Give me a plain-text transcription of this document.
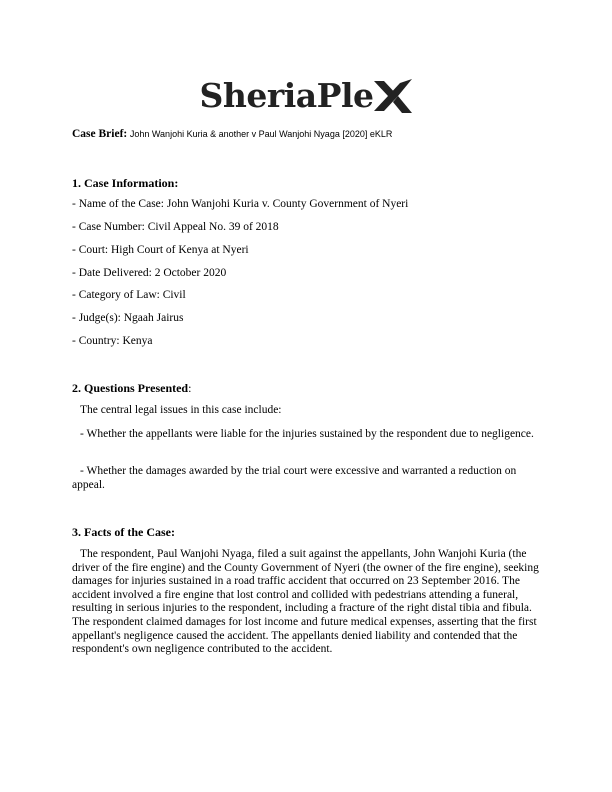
SheriaPle
Case Brief: John Wanjohi Kuria & another v Paul Wanjohi Nyaga [2020] eKLR
1. Case Information:
- Name of the Case: John Wanjohi Kuria v. County Government of Nyeri
- Case Number: Civil Appeal No. 39 of 2018
- Court: High Court of Kenya at Nyeri
- Date Delivered: 2 October 2020
- Category of Law: Civil
- Judge(s): Ngaah Jairus
- Country: Kenya
2. Questions Presented:
The central legal issues in this case include:
- Whether the appellants were liable for the injuries sustained by the respondent due to negligence.
- Whether the damages awarded by the trial court were excessive and warranted a reduction on appeal.
3. Facts of the Case:
The respondent, Paul Wanjohi Nyaga, filed a suit against the appellants, John Wanjohi Kuria (the driver of the fire engine) and the County Government of Nyeri (the owner of the fire engine), seeking damages for injuries sustained in a road traffic accident that occurred on 23 September 2016. The accident involved a fire engine that lost control and collided with pedestrians attending a funeral, resulting in serious injuries to the respondent, including a fracture of the right distal tibia and fibula. The respondent claimed damages for lost income and future medical expenses, asserting that the first appellant's negligence caused the accident. The appellants denied liability and contended that the respondent's own negligence contributed to the accident.
